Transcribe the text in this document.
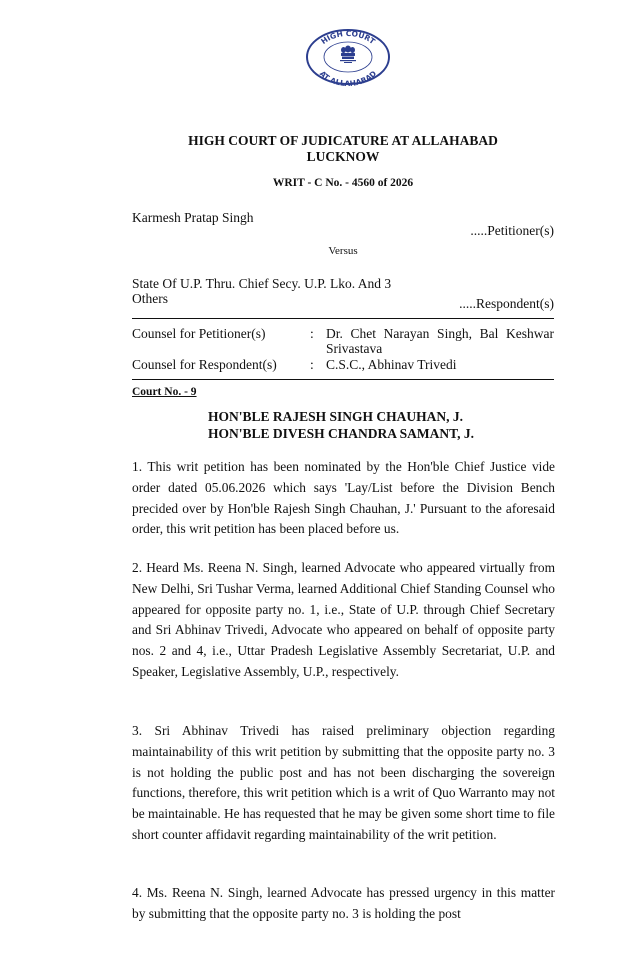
HIGH COURT
AT ALLAHABAD
HIGH COURT OF JUDICATURE AT ALLAHABAD
LUCKNOW
WRIT - C No. - 4560 of 2026
Karmesh Pratap Singh
.....Petitioner(s)
Versus
State Of U.P. Thru. Chief Secy. U.P. Lko. And 3 Others	.....Respondent(s)
Counsel for Petitioner(s)	: Dr. Chet Narayan Singh, Bal Keshwar Srivastava
Counsel for Respondent(s)	: C.S.C., Abhinav Trivedi
Court No. - 9
HON'BLE RAJESH SINGH CHAUHAN, J.
HON'BLE DIVESH CHANDRA SAMANT, J.

1. This writ petition has been nominated by the Hon'ble Chief Justice vide order dated 05.06.2026 which says 'Lay/List before the Division Bench precided over by Hon'ble Rajesh Singh Chauhan, J.' Pursuant to the aforesaid order, this writ petition has been placed before us.

2. Heard Ms. Reena N. Singh, learned Advocate who appeared virtually from New Delhi, Sri Tushar Verma, learned Additional Chief Standing Counsel who appeared for opposite party no. 1, i.e., State of U.P. through Chief Secretary and Sri Abhinav Trivedi, Advocate who appeared on behalf of opposite party nos. 2 and 4, i.e., Uttar Pradesh Legislative Assembly Secretariat, U.P. and Speaker, Legislative Assembly, U.P., respectively.

3. Sri Abhinav Trivedi has raised preliminary objection regarding maintainability of this writ petition by submitting that the opposite party no. 3 is not holding the public post and has not been discharging the sovereign functions, therefore, this writ petition which is a writ of Quo Warranto may not be maintainable. He has requested that he may be given some short time to file short counter affidavit regarding maintainability of the writ petition.

4. Ms. Reena N. Singh, learned Advocate has pressed urgency in this matter by submitting that the opposite party no. 3 is holding the post
